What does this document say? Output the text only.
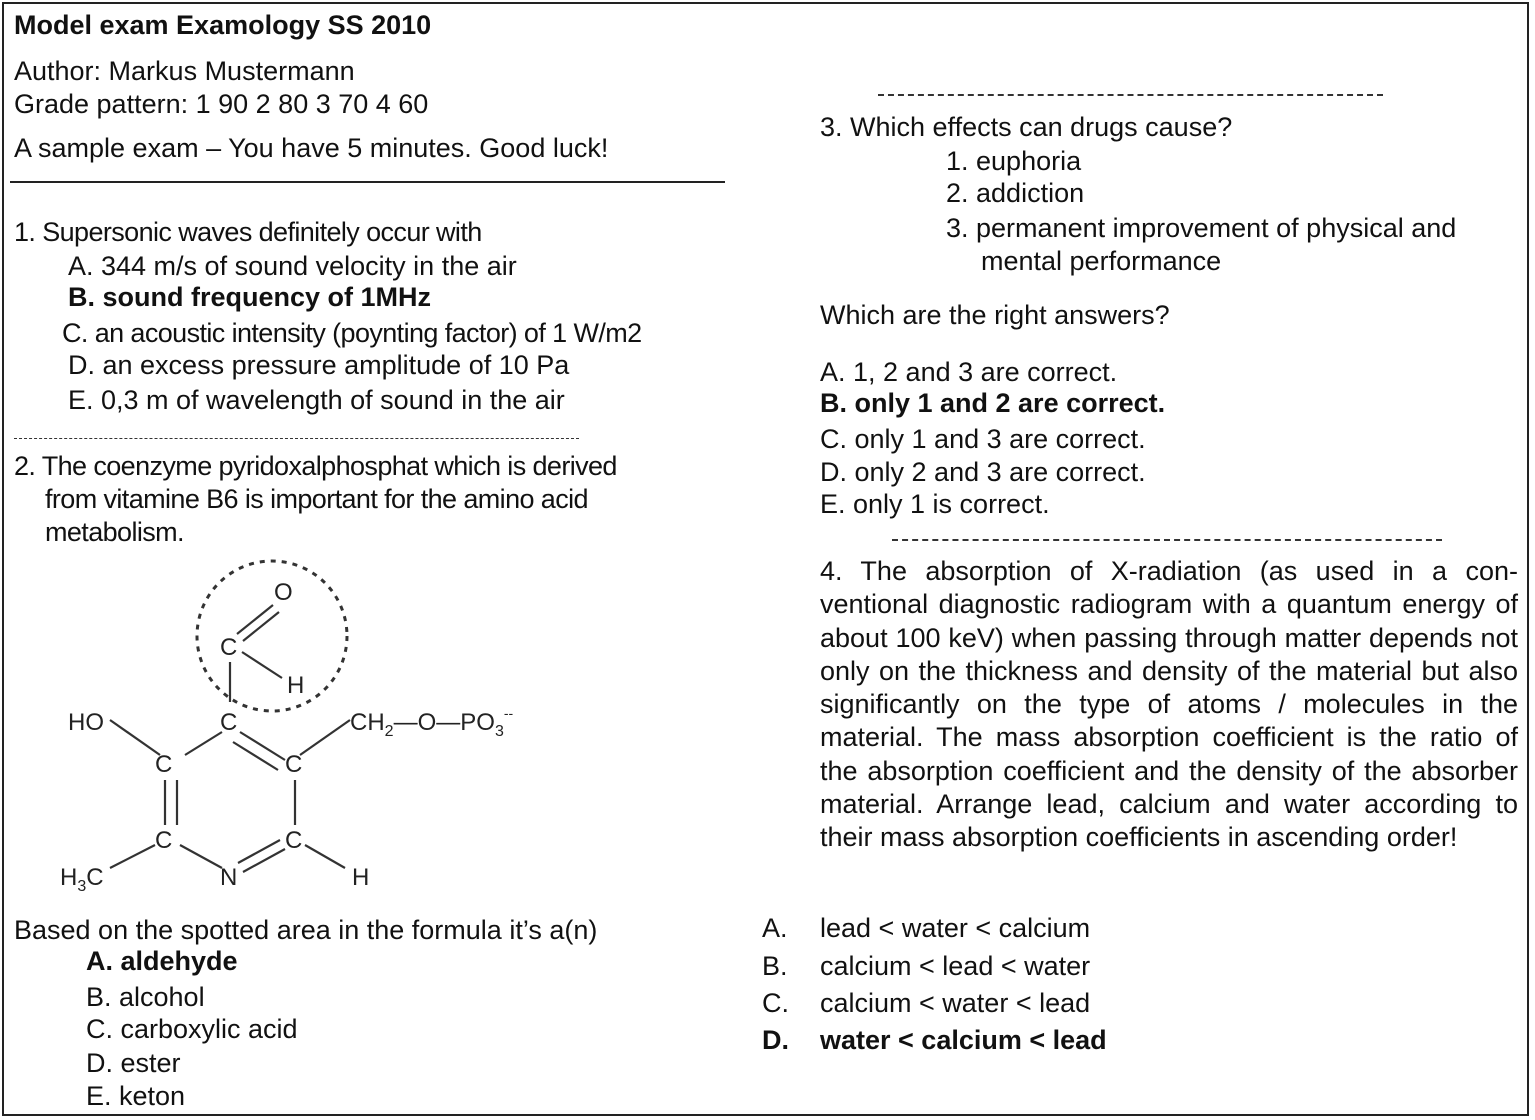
Model exam Examology SS 2010
Author: Markus Mustermann
Grade pattern: 1 90 2 80 3 70 4 60
A sample exam – You have 5 minutes. Good luck!
1. Supersonic waves definitely occur with
A. 344 m/s of sound velocity in the air
B. sound frequency of 1MHz
C. an acoustic intensity (poynting factor) of 1 W/m2
D. an excess pressure amplitude of 10 Pa
E. 0,3 m of wavelength of sound in the air
2. The coenzyme pyridoxalphosphat which is derived
from vitamine B6 is important for the amino acid
metabolism.
O
C
H
C
HO	$CH_2—O—PO_3^{--}$
C	C
C	C
N	H
$H_3C$
Based on the spotted area in the formula it’s a(n)
A. aldehyde
B. alcohol
C. carboxylic acid
D. ester
E. keton
3. Which effects can drugs cause?
1. euphoria
2. addiction
3. permanent improvement of physical and
mental performance
Which are the right answers?
A. 1, 2 and 3 are correct.
B. only 1 and 2 are correct.
C. only 1 and 3 are correct.
D. only 2 and 3 are correct.
E. only 1 is correct.
4. The absorption of X-radiation (as used in a con-ventional diagnostic radiogram with a quantum energy of about 100 keV) when passing through matter depends not only on the thickness and density of the material but also significantly on the type of atoms / molecules in the material. The mass absorption coefficient is the ratio of the absorption coefficient and the density of the absorber material. Arrange lead, calcium and water according to their mass absorption coefficients in ascending order!
A. lead < water < calcium
B. calcium < lead < water
C. calcium < water < lead
D. water < calcium < lead
